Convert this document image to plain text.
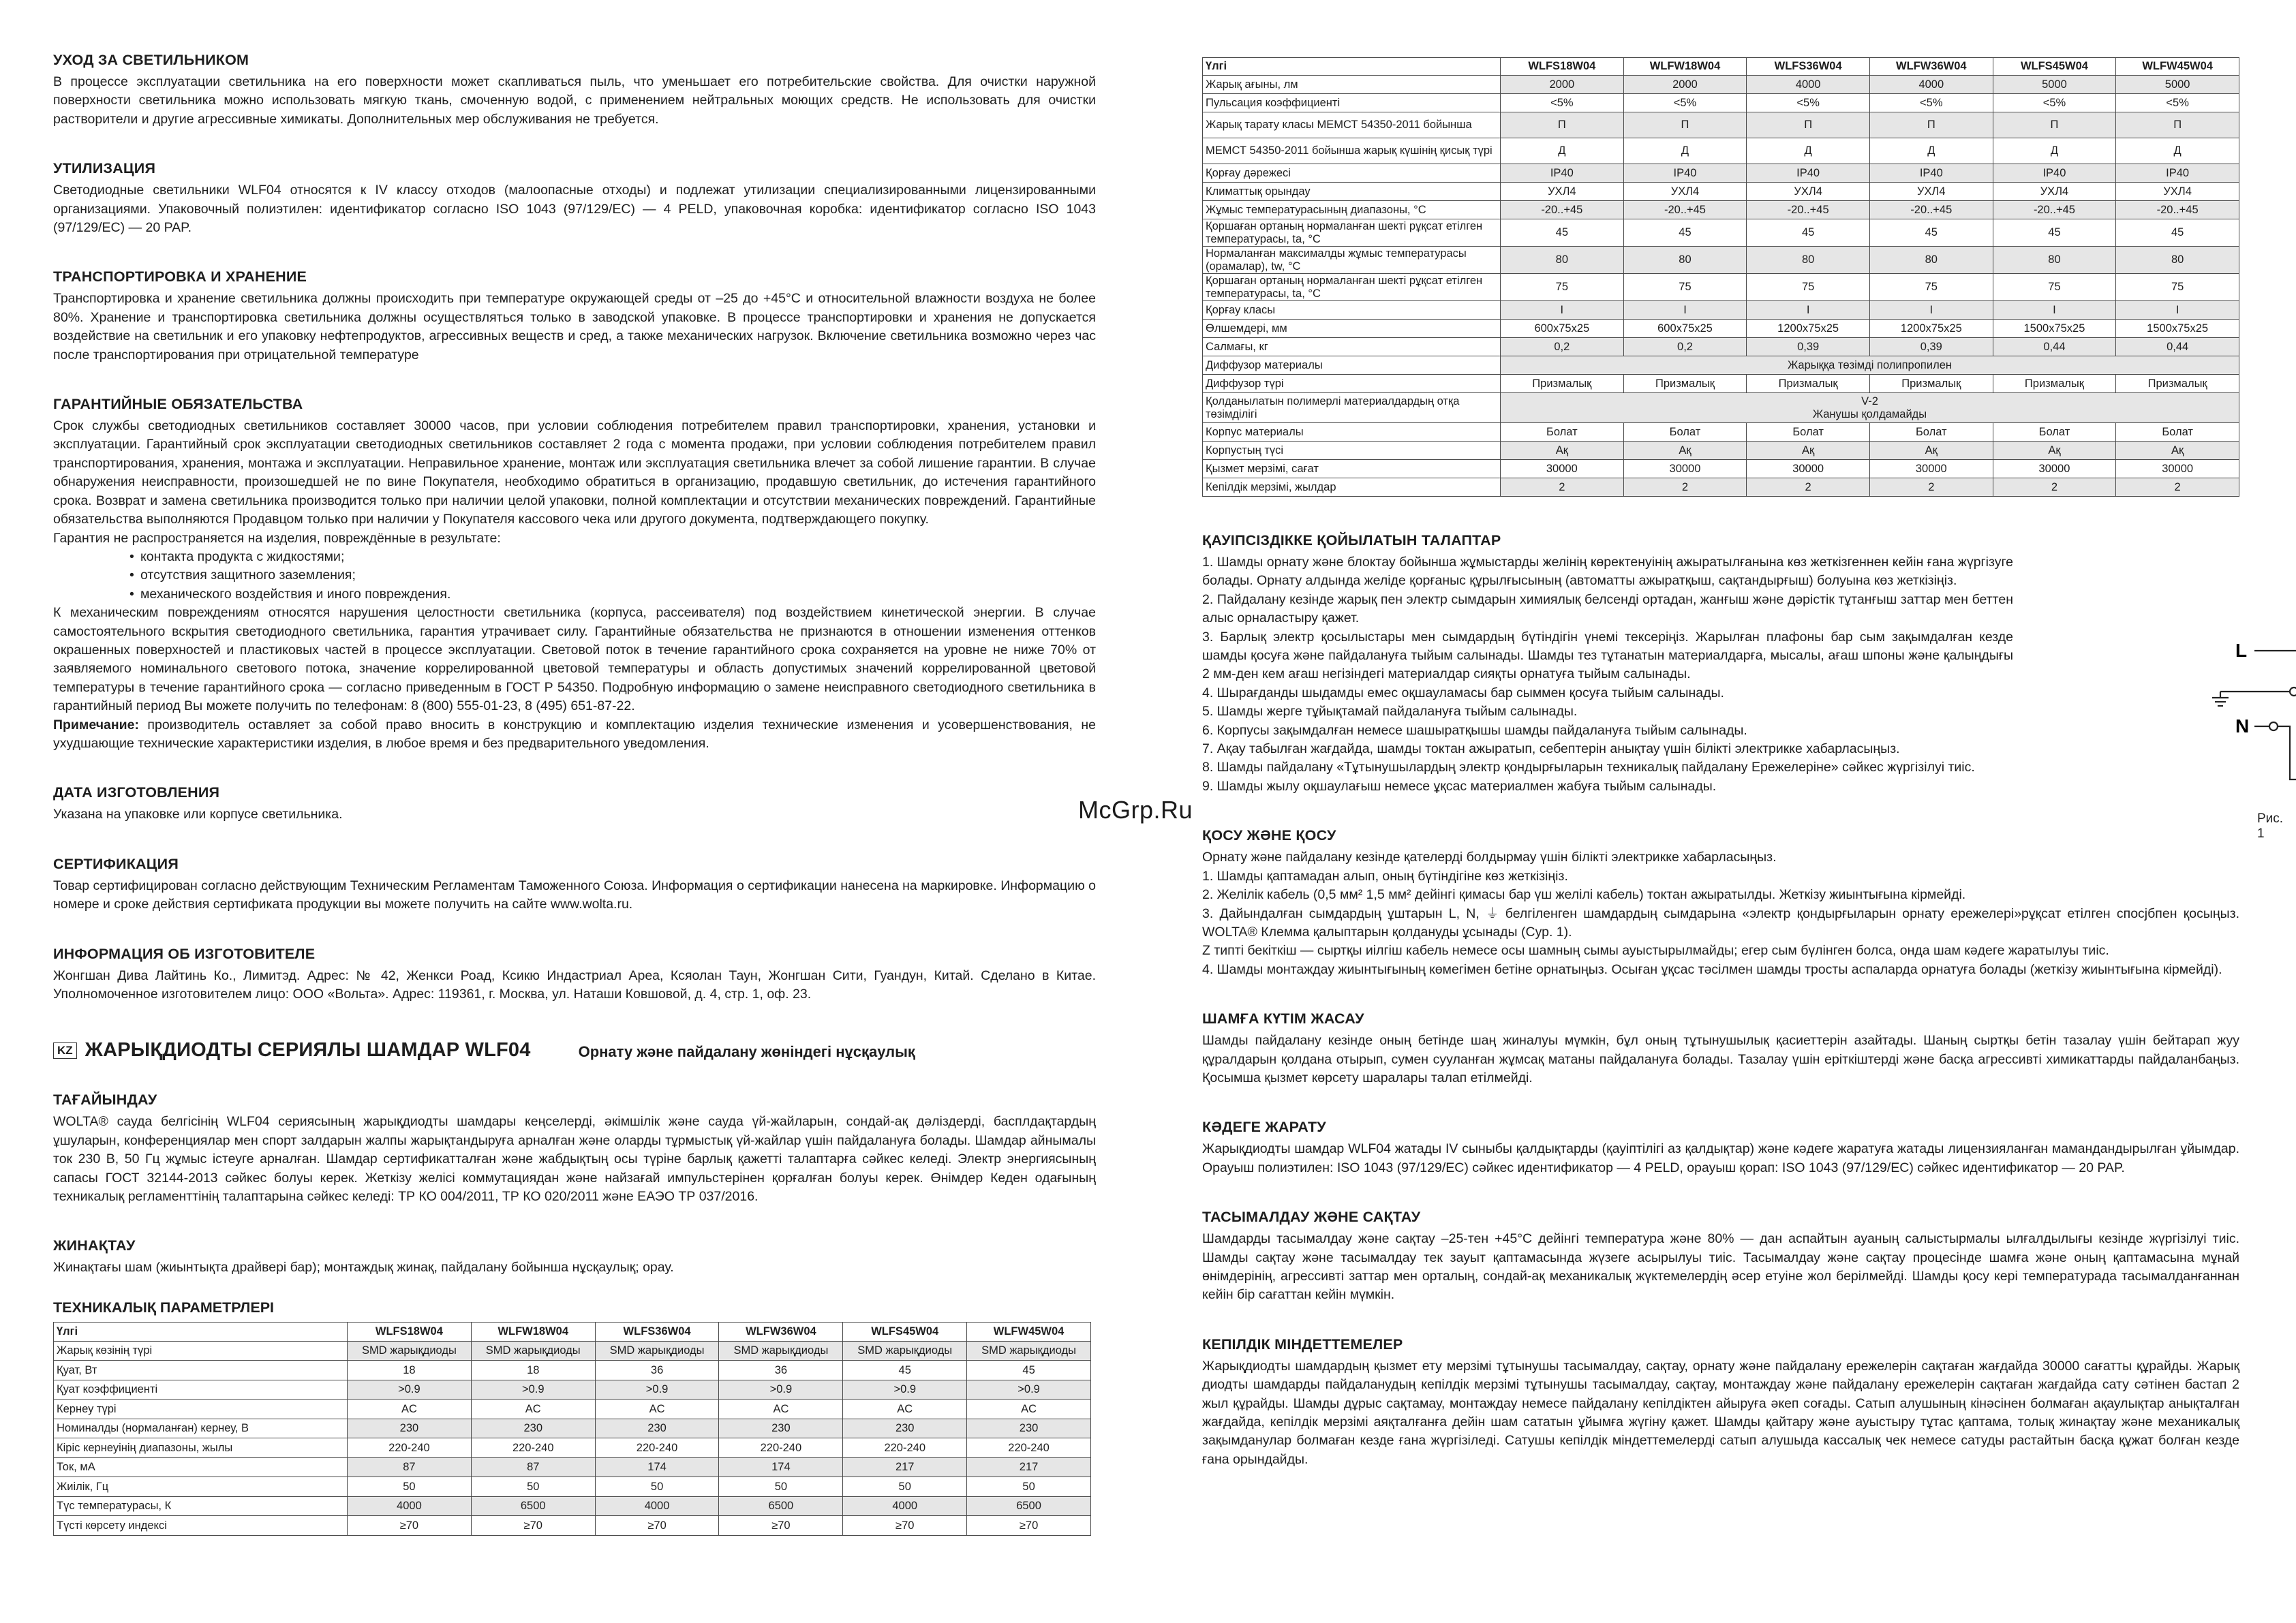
УХОД ЗА СВЕТИЛЬНИКОМ

В процессе эксплуатации светильника на его поверхности может скапливаться пыль, что уменьшает его потребительские свойства. Для очистки наружной поверхности светильника можно использовать мягкую ткань, смоченную водой, с применением нейтральных моющих средств. Не использовать для очистки растворители и другие агрессивные химикаты. Дополнительных мер обслуживания не требуется.

УТИЛИЗАЦИЯ

Светодиодные светильники WLF04 относятся к IV классу отходов (малоопасные отходы) и подлежат утилизации специализированными лицензированными организациями. Упаковочный полиэтилен: идентификатор согласно ISO 1043 (97/129/EC) — 4 PELD, упаковочная коробка: идентификатор согласно ISO 1043 (97/129/EC) — 20 PAP.

ТРАНСПОРТИРОВКА И ХРАНЕНИЕ

Транспортировка и хранение светильника должны происходить при температуре окружающей среды от –25 до +45°С и относительной влажности воздуха не более 80%. Хранение и транспортировка светильника должны осуществляться только в заводской упаковке. В процессе транспортировки и хранения не допускается воздействие на светильник и его упаковку нефтепродуктов, агрессивных веществ и сред, а также механических нагрузок. Включение светильника возможно через час после транспортирования при отрицательной температуре

ГАРАНТИЙНЫЕ ОБЯЗАТЕЛЬСТВА

Срок службы светодиодных светильников составляет 30000 часов, при условии соблюдения потребителем правил транспортировки, хранения, установки и эксплуатации. Гарантийный срок эксплуатации светодиодных светильников составляет 2 года с момента продажи, при условии соблюдения потребителем правил транспортирования, хранения, монтажа и эксплуатации. Неправильное хранение, монтаж или эксплуатация светильника влечет за собой лишение гарантии. В случае обнаружения неисправности, произошедшей не по вине Покупателя, необходимо обратиться в организацию, продавшую светильник, до истечения гарантийного срока. Возврат и замена светильника производится только при наличии целой упаковки, полной комплектации и отсутствии механических повреждений. Гарантийные обязательства выполняются Продавцом только при наличии у Покупателя кассового чека или другого документа, подтверждающего покупку.

Гарантия не распространяется на изделия, повреждённые в результате:

• контакта продукта с жидкостями;
• отсутствия защитного заземления;
• механического воздействия и иного повреждения.

К механическим повреждениям относятся нарушения целостности светильника (корпуса, рассеивателя) под воздействием кинетической энергии. В случае самостоятельного вскрытия светодиодного светильника, гарантия утрачивает силу. Гарантийные обязательства не признаются в отношении изменения оттенков окрашенных поверхностей и пластиковых частей в процессе эксплуатации. Световой поток в течение гарантийного срока сохраняется на уровне не ниже 70% от заявляемого номинального светового потока, значение коррелированной цветовой температуры и область допустимых значений коррелированной цветовой температуры в течение гарантийного срока — согласно приведенным в ГОСТ Р 54350. Подробную информацию о замене неисправного светодиодного светильника в гарантийный период Вы можете получить по телефонам: 8 (800) 555-01-23, 8 (495) 651-87-22.

Примечание: производитель оставляет за собой право вносить в конструкцию и комплектацию изделия технические изменения и усовершенствования, не ухудшающие технические характеристики изделия, в любое время и без предварительного уведомления.

ДАТА ИЗГОТОВЛЕНИЯ

Указана на упаковке или корпусе светильника.

СЕРТИФИКАЦИЯ

Товар сертифицирован согласно действующим Техническим Регламентам Таможенного Союза. Информация о сертификации нанесена на маркировке. Информацию о номере и сроке действия сертификата продукции вы можете получить на сайте www.wolta.ru.

ИНФОРМАЦИЯ ОБ ИЗГОТОВИТЕЛЕ

Жонгшан Дива Лайтинь Ко., Лимитэд. Адрес: № 42, Женкси Роад, Ксикю Индастриал Ареа, Ксяолан Таун, Жонгшан Сити, Гуандун, Китай. Сделано в Китае. Уполномоченное изготовителем лицо: ООО «Вольта». Адрес: 119361, г. Москва, ул. Наташи Ковшовой, д. 4, стр. 1, оф. 23.

KZ ЖАРЫҚДИОДТЫ СЕРИЯЛЫ ШАМДАР WLF04	Орнату және пайдалану жөніндегі нұсқаулық
ТАҒАЙЫНДАУ

WOLTA® сауда белгісінің WLF04 сериясының жарықдиодты шамдары кеңселерді, әкімшілік және сауда үй-жайларын, сондай-ақ дәліздерді, басплдақтардың ұшуларын, конференциялар мен спорт залдарын жалпы жарықтандыруға арналған және оларды тұрмыстық үй-жайлар үшін пайдалануға болады. Шамдар айнымалы ток 230 В, 50 Гц жұмыс істеуге арналған. Шамдар сертификатталған және жабдықтың осы түріне барлық қажетті талаптарға сәйкес келеді. Электр энергиясының сапасы ГОСТ 32144-2013 сәйкес болуы керек. Жеткізу желісі коммутациядан және найзағай импульстерінен қорғалған болуы керек. Өнімдер Кеден одағының техникалық регламенттінің талаптарына сәйкес келеді: ТР КО 004/2011, ТР КО 020/2011 және ЕАЭО ТР 037/2016.

ЖИНАҚТАУ

Жинақтағы шам (жиынтықта драйвері бар); монтаждық жинақ, пайдалану бойынша нұсқаулық; орау.

ТЕХНИКАЛЫҚ ПАРАМЕТРЛЕРІ
Үлгі	WLFS18W04	WLFW18W04	WLFS36W04	WLFW36W04	WLFS45W04	WLFW45W04
Жарық көзінің түрі	SMD жарықдиоды	SMD жарықдиоды	SMD жарықдиоды	SMD жарықдиоды	SMD жарықдиоды	SMD жарықдиоды
Қуат, Вт	18	18	36	36	45	45
Қуат коэффициенті	>0.9	>0.9	>0.9	>0.9	>0.9	>0.9
Кернеу түрі	AC	AC	AC	AC	AC	AC
Номиналды (нормаланған) кернеу, В	230	230	230	230	230	230
Кіріс кернеуінің диапазоны, жылы	220-240	220-240	220-240	220-240	220-240	220-240
Ток, мА	87	87	174	174	217	217
Жиілік, Гц	50	50	50	50	50	50
Түс температурасы, К	4000	6500	4000	6500	4000	6500
Түсті көрсету индексі	≥70	≥70	≥70	≥70	≥70	≥70
Үлгі	WLFS18W04	WLFW18W04	WLFS36W04	WLFW36W04	WLFS45W04	WLFW45W04
Жарық ағыны, лм	2000	2000	4000	4000	5000	5000
Пульсация коэффициенті	<5%	<5%	<5%	<5%	<5%	<5%
Жарық тарату класы МЕМСТ 54350-2011 бойынша	П	П	П	П	П	П
МЕМСТ 54350-2011 бойынша жарық күшінің қисық түрі	Д	Д	Д	Д	Д	Д
Қорғау дәрежесі	IP40	IP40	IP40	IP40	IP40	IP40
Климаттық орындау	УХЛ4	УХЛ4	УХЛ4	УХЛ4	УХЛ4	УХЛ4
Жұмыс температурасының диапазоны, °С	-20..+45	-20..+45	-20..+45	-20..+45	-20..+45	-20..+45
Қоршаған ортаның нормаланған шекті рұқсат етілген температурасы, ta, °С	45	45	45	45	45	45
Нормаланған максималды жұмыс температурасы (орамалар), tw, °С	80	80	80	80	80	80
Қоршаған ортаның нормаланған шекті рұқсат етілген температурасы, ta, °С	75	75	75	75	75	75
Қорғау класы	I	I	I	I	I	I
Өлшемдері, мм	600х75х25	600х75х25	1200х75х25	1200х75х25	1500х75х25	1500х75х25
Салмағы, кг	0,2	0,2	0,39	0,39	0,44	0,44
Диффузор материалы	Жарыққа төзімді полипропилен					
Диффузор түрі	Призмалық	Призмалық	Призмалық	Призмалық	Призмалық	Призмалық
Қолданылатын полимерлі материалдардың отқа төзімділігі	V-2
Жанушы қолдамайды					

Корпус материалы	Болат	Болат	Болат	Болат	Болат	Болат
Корпустың түсі	Ақ	Ақ	Ақ	Ақ	Ақ	Ақ
Қызмет мерзімі, сағат	30000	30000	30000	30000	30000	30000
Кепілдік мерзімі, жылдар	2	2	2	2	2	2
ҚАУІПСІЗДІККЕ ҚОЙЫЛАТЫН ТАЛАПТАР
1. Шамды орнату және блоктау бойынша жұмыстарды желінің көректенуінің ажыратылғанына көз жеткізгеннен кейін ғана жүргізуге болады. Орнату алдында желіде қорғаныс құрылғысының (автоматты ажыратқыш, сақтандырғыш) болуына көз жеткізіңіз.
2. Пайдалану кезінде жарық пен электр сымдарын химиялық белсенді ортадан, жанғыш және дәрістік тұтанғыш заттар мен беттен алыс орналастыру қажет.
3. Барлық электр қосылыстары мен сымдардың бүтіндігін үнемі тексеріңіз. Жарылған плафоны бар сым зақымдалған кезде шамды қосуға және пайдалануға тыйым салынады. Шамды тез тұтанатын материалдарға, мысалы, ағаш шпоны және қалыңдығы 2 мм-ден кем ағаш негізіндегі материалдар сияқты орнатуға тыйым салынады.
4. Шырағданды шыдамды емес оқшауламасы бар сыммен қосуға тыйым салынады.
5. Шамды жерге тұйықтамай пайдалануға тыйым салынады.
6. Корпусы зақымдалған немесе шашыратқышы шамды пайдалануға тыйым салынады.
7. Ақау табылған жағдайда, шамды токтан ажыратып, себептерін анықтау үшін білікті электрикке хабарласыңыз.
8. Шамды пайдалану «Тұтынушылардың электр қондырғыларын техникалық пайдалану Ережелеріне» сәйкес жүргізілуі тиіс.
9. Шамды жылу оқшаулағыш немесе ұқсас материалмен жабуға тыйым салынады.
L
N
Рис. 1
ҚОСУ ЖӘНЕ ҚОСУ

Орнату және пайдалану кезінде қателерді болдырмау үшін білікті электрикке хабарласыңыз.

1. Шамды қаптамадан алып, оның бүтіндігіне көз жеткізіңіз.
2. Желілік кабель (0,5 мм² 1,5 мм² дейінгі қимасы бар үш желілі кабель) токтан ажыратылды. Жеткізу жиынтығына кірмейді.
3. Дайындалған сымдардың ұштарын L, N, ⏚ белгіленген шамдардың сымдарына «электр қондырғыларын орнату ережелері»рұқсат етілген спосјбпен қосыңыз. WOLTA® Клемма қалыптарын қолдануды ұсынады (Сур. 1).
Z типті бекіткіш — сыртқы иілгіш кабель немесе осы шамның сымы ауыстырылмайды; егер сым бүлінген болса, онда шам кәдеге жаратылуы тиіс.
4. Шамды монтаждау жиынтығының көмегімен бетіне орнатыңыз. Осыған ұқсас тәсілмен шамды тросты аспаларда орнатуға болады (жеткізу жиынтығына кірмейді).
ШАМҒА КҮТІМ ЖАСАУ

Шамды пайдалану кезінде оның бетінде шаң жиналуы мүмкін, бұл оның тұтынушылық қасиеттерін азайтады. Шаның сыртқы бетін тазалау үшін бейтарап жуу құралдарын қолдана отырып, сумен сууланған жұмсақ матаны пайдалануға болады. Тазалау үшін еріткіштерді және басқа агрессивті химикаттарды пайдаланбаңыз. Қосымша қызмет көрсету шаралары талап етілмейді.

КӘДЕГЕ ЖАРАТУ

Жарықдиодты шамдар WLF04 жатады IV сыныбы қалдықтарды (қауіптілігі аз қалдықтар) және кәдеге жаратуға жатады лицензияланған мамандандырылған ұйымдар. Орауыш полиэтилен: ISO 1043 (97/129/EC) сәйкес идентификатор — 4 PELD, орауыш қорап: ISO 1043 (97/129/EC) сәйкес идентификатор — 20 PAP.

ТАСЫМАЛДАУ ЖӘНЕ САҚТАУ

Шамдарды тасымалдау және сақтау –25-тен +45°С дейінгі температура және 80% — дан аспайтын ауаның салыстырмалы ылғалдылығы кезінде жүргізілуі тиіс. Шамды сақтау және тасымалдау тек зауыт қаптамасында жүзеге асырылуы тиіс. Тасымалдау және сақтау процесінде шамға және оның қаптамасына мұнай өнімдерінің, агрессивті заттар мен орталың, сондай-ақ механикалық жүктемелердің әсер етуіне жол берілмейді. Шамды қосу кері температурада тасымалданғаннан кейін бір сағаттан кейін мүмкін.

КЕПІЛДІК МІНДЕТТЕМЕЛЕР

Жарықдиодты шамдардың қызмет ету мерзімі тұтынушы тасымалдау, сақтау, орнату және пайдалану ережелерін сақтаған жағдайда 30000 сағатты құрайды. Жарық диодты шамдарды пайдаланудың кепілдік мерзімі тұтынушы тасымалдау, сақтау, монтаждау және пайдалану ережелерін сақтаған жағдайда сату сәтінен бастап 2 жыл құрайды. Шамды дұрыс сақтамау, монтаждау немесе пайдалану кепілдіктен айыруға әкеп соғады. Сатып алушының кінәсінен болмаған ақаулықтар анықталған жағдайда, кепілдік мерзімі аяқталғанға дейін шам сататын ұйымға жүгіну қажет. Шамды қайтару және ауыстыру тұтас қаптама, толық жинақтау және механикалық зақымданулар болмаған кезде ғана жүргізіледі. Сатушы кепілдік міндеттемелерді сатып алушыда кассалық чек немесе сатуды растайтын басқа құжат болған кезде ғана орындайды.

McGrp.Ru
